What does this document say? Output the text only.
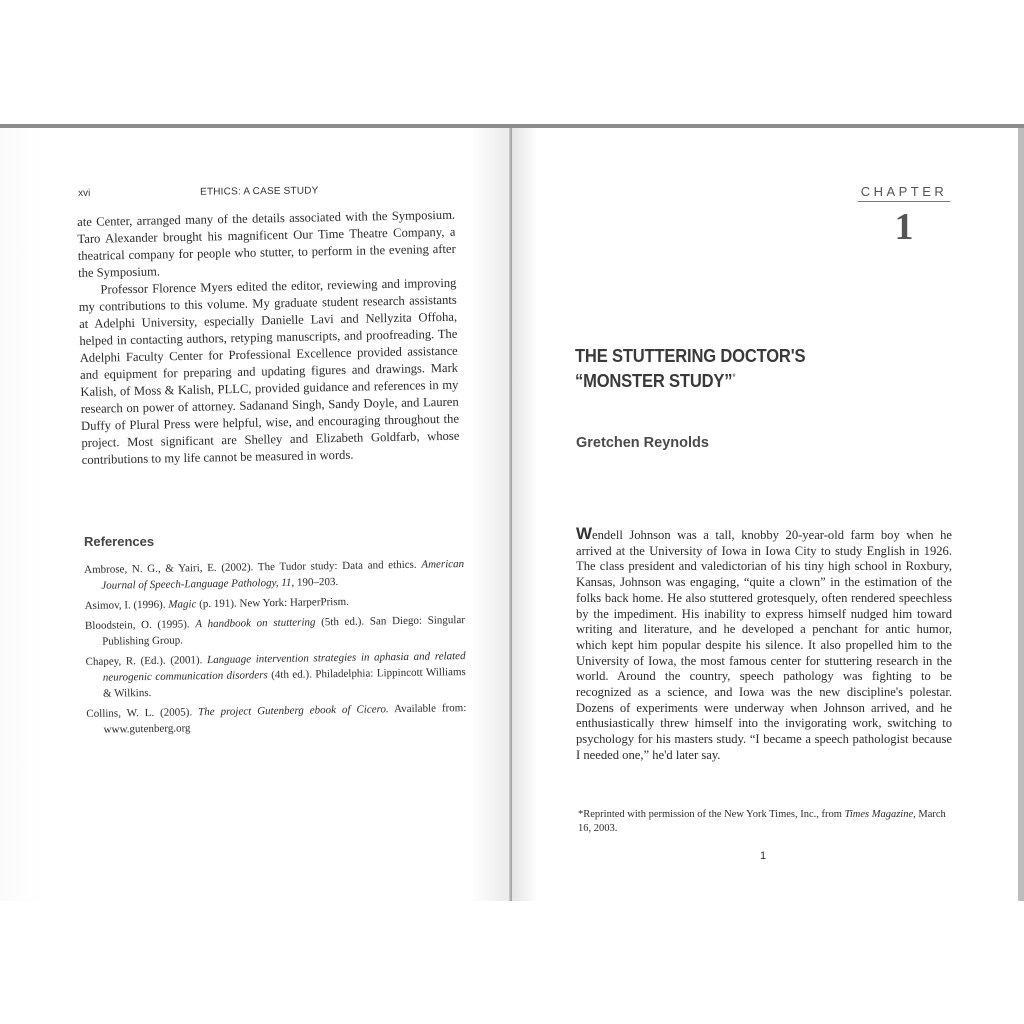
xvi	ETHICS: A CASE STUDY

ate Center, arranged many of the details associated with the Symposium. Taro Alexander brought his magnificent Our Time Theatre Company, a theatrical company for people who stutter, to perform in the evening after the Symposium.

Professor Florence Myers edited the editor, reviewing and improving my contributions to this volume. My graduate student research assistants at Adelphi University, especially Danielle Lavi and Nellyzita Offoha, helped in contacting authors, retyping manuscripts, and proofreading. The Adelphi Faculty Center for Professional Excellence provided assistance and equipment for preparing and updating figures and drawings. Mark Kalish, of Moss & Kalish, PLLC, provided guidance and references in my research on power of attorney. Sadanand Singh, Sandy Doyle, and Lauren Duffy of Plural Press were helpful, wise, and encouraging throughout the project. Most significant are Shelley and Elizabeth Goldfarb, whose contributions to my life cannot be measured in words.

References

Ambrose, N. G., & Yairi, E. (2002). The Tudor study: Data and ethics. American Journal of Speech-Language Pathology, 11, 190–203.

Asimov, I. (1996). Magic (p. 191). New York: HarperPrism.

Bloodstein, O. (1995). A handbook on stuttering (5th ed.). San Diego: Singular Publishing Group.

Chapey, R. (Ed.). (2001). Language intervention strategies in aphasia and related neurogenic communication disorders (4th ed.). Philadelphia: Lippincott Williams & Wilkins.

Collins, W. L. (2005). The project Gutenberg ebook of Cicero. Available from: www.gutenberg.org

CHAPTER
1
THE STUTTERING DOCTOR'S
“MONSTER STUDY”*
Gretchen Reynolds

Wendell Johnson was a tall, knobby 20-year-old farm boy when he arrived at the University of Iowa in Iowa City to study English in 1926. The class president and valedictorian of his tiny high school in Roxbury, Kansas, Johnson was engaging, “quite a clown” in the estimation of the folks back home. He also stuttered grotesquely, often rendered speechless by the impediment. His inability to express himself nudged him toward writing and literature, and he developed a penchant for antic humor, which kept him popular despite his silence. It also propelled him to the University of Iowa, the most famous center for stuttering research in the world. Around the country, speech pathology was fighting to be recognized as a science, and Iowa was the new discipline's polestar. Dozens of experiments were underway when Johnson arrived, and he enthusiastically threw himself into the invigorating work, switching to psychology for his masters study. “I became a speech pathologist because I needed one,” he'd later say.

*Reprinted with permission of the New York Times, Inc., from Times Magazine, March 16, 2003.
1
